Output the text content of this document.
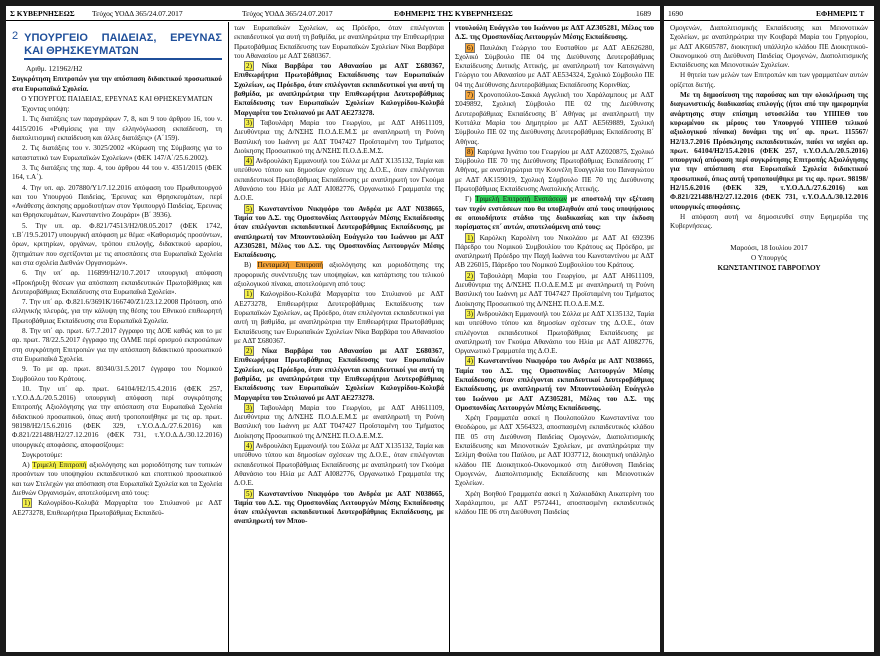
Σ ΚΥΒΕΡΝΗΣΕΩΣ Τεύχος ΥΟΔΔ 365/24.07.2017	Τεύχος ΥΟΔΔ 365/24.07.2017	ΕΦΗΜΕΡΙΣ ΤΗΣ ΚΥΒΕΡΝΗΣΕΩΣ	1689
2 ΥΠΟΥΡΓΕΙΟ ΠΑΙΔΕΙΑΣ, ΕΡΕΥΝΑΣ ΚΑΙ ΘΡΗΣΚΕΥΜΑΤΩΝ
Αριθμ. 121962/Η2

Συγκρότηση Επιτροπών για την απόσπαση διδακτικού προσωπικού στα Ευρωπαϊκά Σχολεία.

Ο ΥΠΟΥΡΓΟΣ ΠΑΙΔΕΙΑΣ, ΕΡΕΥΝΑΣ ΚΑΙ ΘΡΗΣΚΕΥΜΑΤΩΝ

Έχοντας υπόψη:

1. Τις διατάξεις των παραγράφων 7, 8, και 9 του άρθρου 16, του ν. 4415/2016 «Ρυθμίσεις για την ελληνόγλωσση εκπαίδευση, τη διαπολιτισμική εκπαίδευση και άλλες διατάξεις» (Α΄159).

2. Τις διατάξεις του ν. 3025/2002 «Κύρωση της Σύμβασης για το καταστατικό των Ευρωπαϊκών Σχολείων» (ΦΕΚ 147/Α΄/25.6.2002).

3. Τις διατάξεις της παρ. 4, του άρθρου 44 του ν. 4351/2015 (ΦΕΚ 164, τ.Α΄).

4. Την υπ. αρ. 207880/Υ1/7.12.2016 απόφαση του Πρωθυπουργού και του Υπουργού Παιδείας, Έρευνας και Θρησκευμάτων, περί «Ανάθεσης άσκησης αρμοδιοτήτων στον Υφυπουργό Παιδείας, Έρευνας και Θρησκευμάτων, Κωνσταντίνο Ζουράρι» (Β΄ 3936).

5. Την υπ. αρ. Φ.821/74513/Η2/08.05.2017 (ΦΕΚ 1742, τ.Β΄/19.5.2017) υπουργική απόφαση με θέμα: «Καθορισμός προσόντων, όρων, κριτηρίων, οργάνων, τρόπου επιλογής, διδακτικού ωραρίου, ζητημάτων που σχετίζονται με τις αποσπάσεις στα Ευρωπαϊκά Σχολεία και στα σχολεία Διεθνών Οργανισμών».

6. Την υπ΄ αρ. 116899/Η2/10.7.2017 υπουργική απόφαση «Προκήρυξη θέσεων για απόσπαση εκπαιδευτικών Πρωτοβάθμιας και Δευτεροβάθμιας Εκπαίδευσης στα Ευρωπαϊκά Σχολεία».

7. Την υπ΄ αρ. Φ.821.6/3691К/166740/Ζ1/23.12.2008 Πρόταση, από ελληνικής πλευράς, για την κάλυψη της θέσης του Εθνικού επιθεωρητή Πρωτοβάθμιας Εκπαίδευσης στα Ευρωπαϊκά Σχολεία.

8. Την υπ΄ αρ. πρωτ. 6/7.7.2017 έγγραφο της ΔΟΕ καθώς και το με αρ. πρωτ. 78/22.5.2017 έγγραφο της ΟΛΜΕ περί ορισμού εκπροσώπων στη συγκρότηση Επιτροπών για την απόσπαση διδακτικού προσωπικού στα Ευρωπαϊκά Σχολεία.

9. Το με αρ. πρωτ. 80340/31.5.2017 έγγραφο του Νομικού Συμβούλου του Κράτους.

10. Την υπ΄ αρ. πρωτ. 64104/Η2/15.4.2016 (ΦΕΚ 257, τ.Υ.Ο.Δ.Δ./20.5.2016) υπουργική απόφαση περί συγκρότησης Επιτροπής Αξιολόγησης για την απόσπαση στα Ευρωπαϊκά Σχολεία διδακτικού προσωπικού, όπως αυτή τροποποιήθηκε με τις αρ. πρωτ. 98198/Η2/15.6.2016 (ΦΕΚ 329, τ.Υ.Ο.Δ.Δ./27.6.2016) και Φ.821/221488/Η2/27.12.2016 (ΦΕΚ 731, τ.Υ.Ο.Δ.Δ./30.12.2016) υπουργικές αποφάσεις, αποφασίζουμε:

Συγκροτούμε:

Α) Τριμελή Επιτροπή αξιολόγησης και μοριοδότησης των τυπικών προσόντων του υποψηφίου εκπαιδευτικού και εποπτικού προσωπικού και των Στελεχών για απόσπαση στα Ευρωπαϊκά Σχολεία και τα Σχολεία Διεθνών Οργανισμών, αποτελούμενη από τους:

1) Καλογρίδου-Κολυβά Μαργαρίτα του Στυλιανού με ΑΔΤ ΑΕ273278, Επιθεωρήτρια Πρωτοβάθμιας Εκπαιδεύ-

των Ευρωπαϊκών Σχολείων, ως Πρόεδρο, όταν επιλέγονται εκπαιδευτικοί για αυτή τη βαθμίδα, με αναπληρώτρια την Επιθεωρήτρια Πρωτοβάθμιας Εκπαίδευσης των Ευρωπαϊκών Σχολείων Νίκα Βαρβάρα του Αθανασίου με ΑΔΤ Σ680367.

2) Νίκα Βαρβάρα του Αθανασίου με ΑΔΤ Σ680367, Επιθεωρήτρια Πρωτοβάθμιας Εκπαίδευσης των Ευρωπαϊκών Σχολείων, ως Πρόεδρο, όταν επιλέγονται εκπαιδευτικοί για αυτή τη βαθμίδα, με αναπληρώτρια την Επιθεωρήτρια Δευτεροβάθμιας Εκπαίδευσης των Ευρωπαϊκών Σχολείων Καλογρίδου-Κολυβά Μαργαρίτα του Στυλιανού με ΑΔΤ ΑΕ273278.

3) Ταβουλάρη Μαρία του Γεωργίου, με ΑΔΤ ΑΗ611109, Διευθύντρια της Δ/ΝΣΗΣ Π.Ο.Δ.Ε.Μ.Σ με αναπληρωτή τη Ρούνη Βασιλική του Ιωάννη με ΑΔΤ Τ047427 Προϊσταμένη του Τμήματος Διοίκησης Προσωπικού της Δ/ΝΣΗΣ Π.Ο.Δ.Ε.Μ.Σ.

4) Ανδρουλάκη Εμμανουήλ του Σύλλα με ΑΔΤ Χ135132, Ταμία και υπεύθυνο τύπου και δημοσίων σχέσεων της Δ.Ο.Ε., όταν επιλέγονται εκπαιδευτικοί Πρωτοβάθμιας Εκπαίδευσης με αναπληρωτή τον Γκούμα Αθανάσιο του Ηλία με ΑΔΤ ΑΙ082776, Οργανωτικό Γραμματέα της Δ.Ο.Ε.

5) Κωνσταντίνου Νικηφόρο του Ανδρέα με ΑΔΤ Ν038665, Ταμία του Δ.Σ. της Ομοσπονδίας Λειτουργών Μέσης Εκπαίδευσης όταν επιλέγονται εκπαιδευτικοί Δευτεροβάθμιας Εκπαίδευσης, με αναπληρωτή τον Μπουντουλούλη Ευάγγελο του Ιωάννου με ΑΔΤ ΑΖ305281, Μέλος του Δ.Σ. της Ομοσπονδίας Λειτουργών Μέσης Εκπαίδευσης.

Β) Πενταμελή Επιτροπή αξιολόγησης και μοριοδότησης της προφορικής συνέντευξης των υποψηφίων, και κατάρτισης του τελικού αξιολογικού πίνακα, αποτελούμενη από τους:

1) Καλογρίδου-Κολυβά Μαργαρίτα του Στυλιανού με ΑΔΤ ΑΕ273278, Επιθεωρήτρια Δευτεροβάθμιας Εκπαίδευσης των Ευρωπαϊκών Σχολείων, ως Πρόεδρο, όταν επιλέγονται εκπαιδευτικοί για αυτή τη βαθμίδα, με αναπληρώτρια την Επιθεωρήτρια Πρωτοβάθμιας Εκπαίδευσης των Ευρωπαϊκών Σχολείων Νίκα Βαρβάρα του Αθανασίου με ΑΔΤ Σ680367.

2) Νίκα Βαρβάρα του Αθανασίου με ΑΔΤ Σ680367, Επιθεωρήτρια Πρωτοβάθμιας Εκπαίδευσης των Ευρωπαϊκών Σχολείων, ως Πρόεδρο, όταν επιλέγονται εκπαιδευτικοί για αυτή τη βαθμίδα, με αναπληρώτρια την Επιθεωρήτρια Δευτεροβάθμιας Εκπαίδευσης των Ευρωπαϊκών Σχολείων Καλογρίδου-Κολυβά Μαργαρίτα του Στυλιανού με ΑΔΤ ΑΕ273278.

3) Ταβουλάρη Μαρία του Γεωργίου, με ΑΔΤ ΑΗ611109, Διευθύντρια της Δ/ΝΣΗΣ Π.Ο.Δ.Ε.Μ.Σ με αναπληρωτή τη Ρούνη Βασιλική του Ιωάννη με ΑΔΤ Τ047427 Προϊσταμένη του Τμήματος Διοίκησης Προσωπικού της Δ/ΝΣΗΣ Π.Ο.Δ.Ε.Μ.Σ.

4) Ανδρουλάκη Εμμανουήλ του Σύλλα με ΑΔΤ Χ135132, Ταμία και υπεύθυνο τύπου και δημοσίων σχέσεων της Δ.Ο.Ε., όταν επιλέγονται εκπαιδευτικοί Πρωτοβάθμιας Εκπαίδευσης με αναπληρωτή τον Γκούμα Αθανάσιο του Ηλία με ΑΔΤ ΑΙ082776, Οργανωτικό Γραμματέα της Δ.Ο.Ε.

5) Κωνσταντίνου Νικηφόρο του Ανδρέα με ΑΔΤ Ν038665, Ταμία του Δ.Σ. της Ομοσπονδίας Λειτουργών Μέσης Εκπαίδευσης όταν επιλέγονται εκπαιδευτικοί Δευτεροβάθμιας Εκπαίδευσης, με αναπληρωτή τον Μπου-

ντουλούλη Ευάγγελο του Ιωάννου με ΑΔΤ ΑΖ305281, Μέλος του Δ.Σ. της Ομοσπονδίας Λειτουργών Μέσης Εκπαίδευσης.

6) Παυλάκη Γεώργιο του Ευσταθίου με ΑΔΤ ΑΕ626280, Σχολικό Σύμβουλο ΠΕ 04 της Διεύθυνσης Δευτεροβάθμιας Εκπαίδευσης Δυτικής Αττικής, με αναπληρωτή τον Κατσιγιάννη Γεώργιο του Αθανασίου με ΑΔΤ ΑΕ534324, Σχολικό Σύμβουλο ΠΕ 04 της Διεύθυνσης Δευτεροβάθμιας Εκπαίδευσης Κορινθίας.

7) Χρονοπούλου-Σακκά Αγγελική του Χαράλαμπους με ΑΔΤ Σ049892, Σχολική Σύμβουλο ΠΕ 02 της Διεύθυνσης Δευτεροβάθμιας Εκπαίδευσης Β΄ Αθήνας με αναπληρωτή την Κυττάλα Μαρία του Δημητρίου με ΑΔΤ ΑΕ569889, Σχολική Σύμβουλο ΠΕ 02 της Διεύθυνσης Δευτεροβάθμιας Εκπαίδευσης Β΄ Αθήνας.

8) Καρύμνα Ιγνάτιο του Γεωργίου με ΑΔΤ ΑΖ020875, Σχολικό Σύμβουλο ΠΕ 70 της Διεύθυνσης Πρωτοβάθμιας Εκπαίδευσης Γ΄ Αθήνας, με αναπληρώτρια την Κουνέλη Ευαγγελία του Παναγιώτου με ΑΔΤ ΑΚ159019, Σχολική Σύμβουλο ΠΕ 70 της Διεύθυνσης Πρωτοβάθμιας Εκπαίδευσης Ανατολικής Αττικής.

Γ) Τριμελή Επιτροπή Ενστάσεων με αποστολή την εξέταση των τυχόν ενστάσεων που θα υποβληθούν από τους υποψήφιους σε οποιοδήποτε στάδιο της διαδικασίας και την έκδοση πορίσματος επ΄ αυτών, αποτελούμενη από τους:

1) Καρόλκη Καρολίνη του Νικολάου με ΑΔΤ ΑΙ 692396 Πάρεδρο του Νομικού Συμβουλίου του Κράτους ως Πρόεδρο, με αναπληρωτή Πρόεδρο την Παχή Ιωάννα του Κωνσταντίνου με ΑΔΤ ΑΒ 226015, Πάρεδρο του Νομικού Συμβουλίου του Κράτους.

2) Ταβουλάρη Μαρία του Γεωργίου, με ΑΔΤ ΑΗ611109, Διευθύντρια της Δ/ΝΣΗΣ Π.Ο.Δ.Ε.Μ.Σ με αναπληρωτή τη Ρούνη Βασιλική του Ιωάννη με ΑΔΤ Τ047427 Προϊσταμένη του Τμήματος Διοίκησης Προσωπικού της Δ/ΝΣΗΣ Π.Ο.Δ.Ε.Μ.Σ.

3) Ανδρουλάκη Εμμανουήλ του Σύλλα με ΑΔΤ Χ135132, Ταμία και υπεύθυνο τύπου και δημοσίων σχέσεων της Δ.Ο.Ε., όταν επιλέγονται εκπαιδευτικοί Πρωτοβάθμιας Εκπαίδευσης με αναπληρωτή τον Γκούμα Αθανάσιο του Ηλία με ΑΔΤ ΑΙ082776, Οργανωτικό Γραμματέα της Δ.Ο.Ε.

4) Κωνσταντίνου Νικηφόρο του Ανδρέα με ΑΔΤ Ν038665, Ταμία του Δ.Σ. της Ομοσπονδίας Λειτουργών Μέσης Εκπαίδευσης όταν επιλέγονται εκπαιδευτικοί Δευτεροβάθμιας Εκπαίδευσης, με αναπληρωτή τον Μπουντουλούλη Ευάγγελο του Ιωάννου με ΑΔΤ ΑΖ305281, Μέλος του Δ.Σ. της Ομοσπονδίας Λειτουργών Μέσης Εκπαίδευσης.

Χρέη Γραμματέα ασκεί η Πουλοπούλου Κωνσταντίνα του Θεοδώρου, με ΑΔΤ Χ564323, αποσπασμένη εκπαιδευτικός κλάδου ΠΕ 05 στη Διεύθυνση Παιδείας Ομογενών, Διαπολιτισμικής Εκπαίδευσης και Μειονοτικών Σχολείων, με αναπληρώτρια την Σελίμη Φούλα του Παύλου, με ΑΔΤ ΙΟ37712, διοικητική υπάλληλο κλάδου ΠΕ Διοικητικού-Οικονομικού στη Διεύθυνση Παιδείας Ομογενών, Διαπολιτισμικής Εκπαίδευσης και Μειονοτικών Σχολείων.

Χρέη Βοηθού Γραμματέα ασκεί η Χαλκιαδάκη Αικατερίνη του Χαράλαμπου, με ΑΔΤ Ρ572441, αποσπασμένη εκπαιδευτικός κλάδου ΠΕ 06 στη Διεύθυνση Παιδείας

1690	ΕΦΗΜΕΡΙΣ Τ

Ομογενών, Διαπολιτισμικής Εκπαίδευσης και Μειονοτικών Σχολείων, με αναπληρώτρια την Κουβαρά Μαρία του Γρηγορίου, με ΑΔΤ ΑΚ605787, διοικητική υπάλληλο κλάδου ΠΕ Διοικητικού-Οικονομικού στη Διεύθυνση Παιδείας Ομογενών, Διαπολιτισμικής Εκπαίδευσης και Μειονοτικών Σχολείων.

Η θητεία των μελών των Επιτροπών και των γραμματέων αυτών ορίζεται διετής.

Με τη δημοσίευση της παρούσας και την ολοκλήρωση της διαγωνιστικής διαδικασίας επιλογής (ήτοι από την ημερομηνία ανάρτησης στην επίσημη ιστοσελίδα του ΥΠΠΕΘ του κυρωμένου εκ μέρους του Υπουργού ΥΠΠΕΘ τελικού αξιολογικού πίνακα) δυνάμει της υπ΄ αρ. πρωτ. 115567/Η2/13.7.2016 Πρόσκλησης εκπαιδευτικών, παύει να ισχύει αρ. πρωτ. 64104/Η2/15.4.2016 (ΦΕΚ 257, τ.Υ.Ο.Δ.Δ./20.5.2016) υπουργική απόφαση περί συγκρότησης Επιτροπής Αξιολόγησης για την απόσπαση στα Ευρωπαϊκά Σχολεία διδακτικού προσωπικού, όπως αυτή τροποποιήθηκε με τις αρ. πρωτ. 98198/Η2/15.6.2016 (ΦΕΚ 329, τ.Υ.Ο.Δ.Δ./27.6.2016) και Φ.821/221488/Η2/27.12.2016 (ΦΕΚ 731, τ.Υ.Ο.Δ.Δ./30.12.2016 υπουργικές αποφάσεις.

Η απόφαση αυτή να δημοσιευθεί στην Εφημερίδα της Κυβερνήσεως.

Μαρούσι, 18 Ιουλίου 2017

Ο Υπουργός

ΚΩΝΣΤΑΝΤΙΝΟΣ ΓΑΒΡΟΓΛΟΥ
